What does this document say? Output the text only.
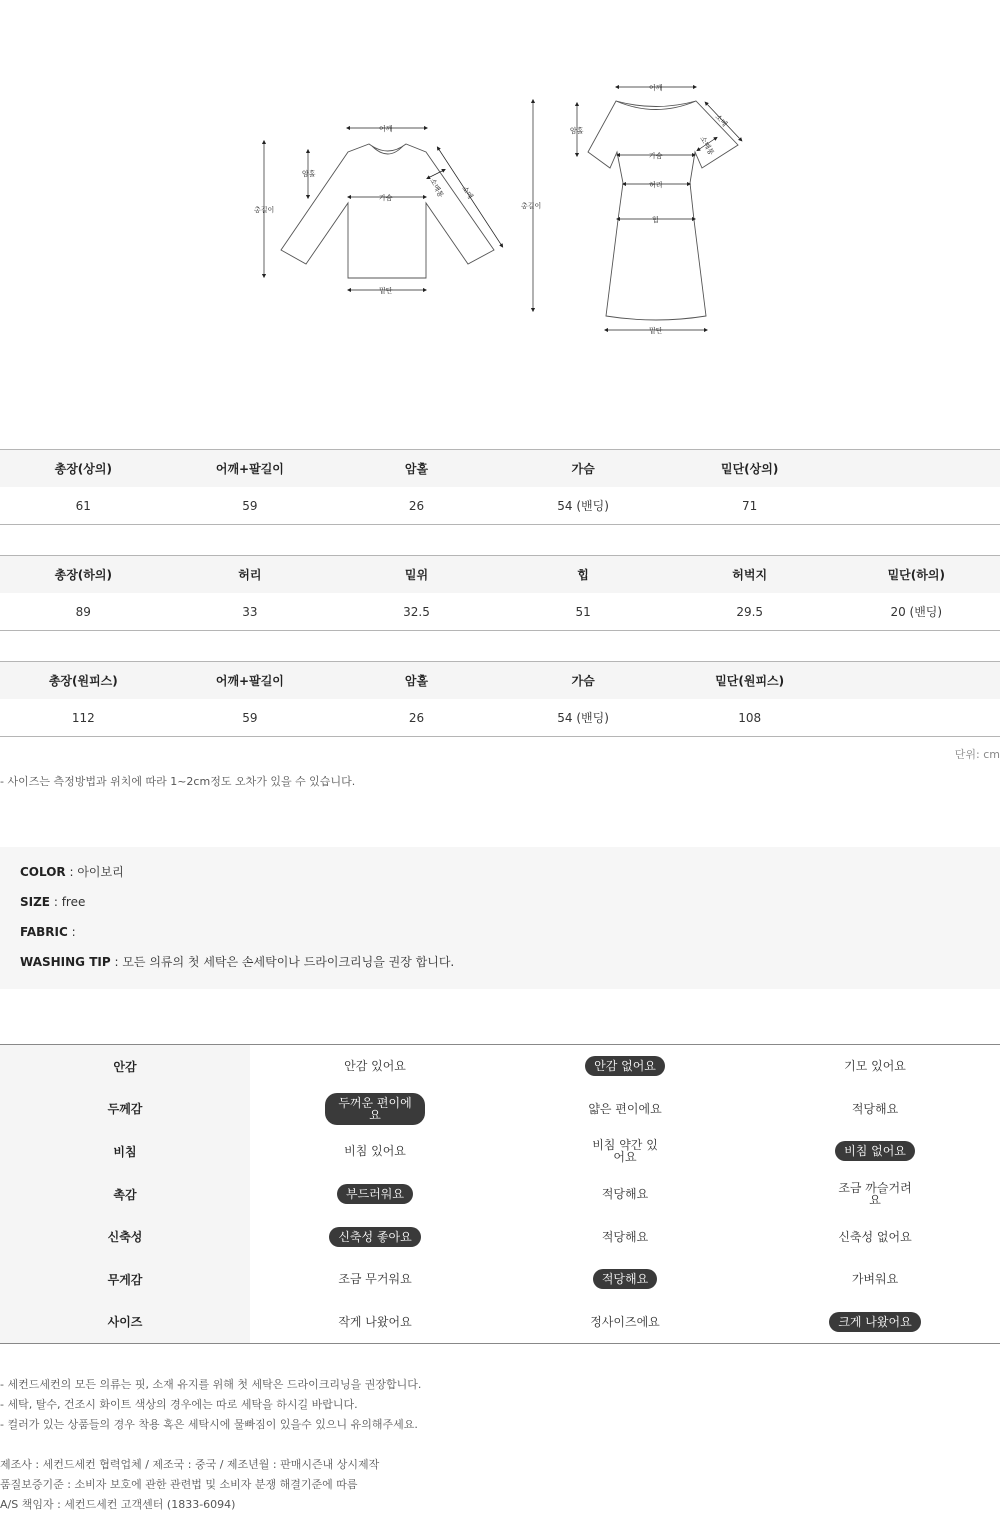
어깨
총길이
암홀
가슴
밑단
소매
소매통
어깨
총길이
암홀
가슴
허리
힙
밑단
소매
소매통
총장(상의)	어깨+팔길이	암홀	가슴	밑단(상의)
61	59	26	54 (밴딩)	71
총장(하의)	허리	밑위	힙	허벅지	밑단(하의)
89	33	32.5	51	29.5	20 (밴딩)
총장(원피스)	어깨+팔길이	암홀	가슴	밑단(원피스)
112	59	26	54 (밴딩)	108
단위: cm
- 사이즈는 측정방법과 위치에 따라 1~2cm정도 오차가 있을 수 있습니다.
COLOR : 아이보리
SIZE : free
FABRIC :
WASHING TIP : 모든 의류의 첫 세탁은 손세탁이나 드라이크리닝을 권장 합니다.
안감	안감 있어요	안감 없어요	기모 있어요
두께감	두꺼운 편이에요	얇은 편이에요	적당해요
비침	비침 있어요	비침 약간 있어요	비침 없어요
촉감	부드러워요	적당해요	조금 까슬거려요
신축성	신축성 좋아요	적당해요	신축성 없어요
무게감	조금 무거워요	적당해요	가벼워요
사이즈	작게 나왔어요	정사이즈에요	크게 나왔어요
- 세컨드세컨의 모든 의류는 핏, 소재 유지를 위해 첫 세탁은 드라이크리닝을 권장합니다.
- 세탁, 탈수, 건조시 화이트 색상의 경우에는 따로 세탁을 하시길 바랍니다.
- 컬러가 있는 상품들의 경우 착용 혹은 세탁시에 물빠짐이 있을수 있으니 유의해주세요.
제조사 : 세컨드세컨 협력업체 / 제조국 : 중국 / 제조년월 : 판매시즌내 상시제작
품질보증기준 : 소비자 보호에 관한 관련법 및 소비자 분쟁 해결기준에 따름
A/S 책임자 : 세컨드세컨 고객센터 (1833-6094)
